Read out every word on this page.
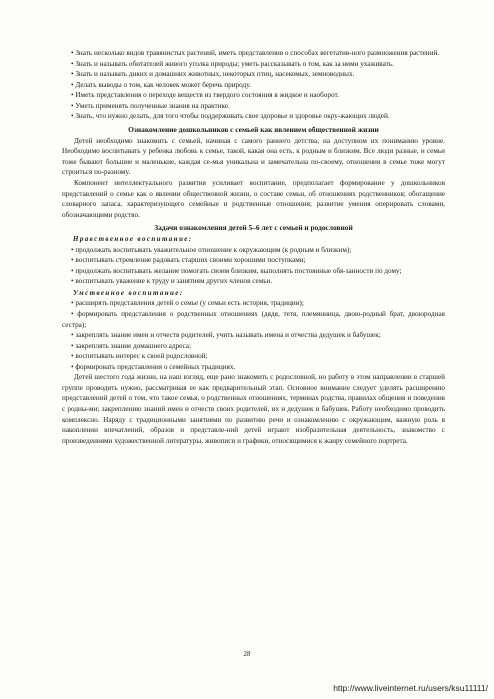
• Знать несколько видов травянистых растений, иметь представления о способах вегетатив-ного размножения растений.

• Знать и называть обитателей живого уголка природы; уметь рассказывать о том, как за ними ухаживать.

• Знать и называть диких и домашних животных, некоторых птиц, насекомых, земноводных.

• Делать выводы о том, как человек может беречь природу.

• Иметь представления о переходе веществ из твердого состояния в жидкое и наоборот.

• Уметь применять полученные знания на практике.

• Знать, что нужно делать, для того чтобы поддерживать свое здоровье и здоровье окру-жающих людей.

Ознакомление дошкольников с семьей как явлением общественной жизни

Детей необходимо знакомить с семьей, начиная с самого раннего детства, на доступном их пониманию уровне. Необходимо воспитывать у ребенка любовь к семье, такой, какая она есть, к родным и близким. Все люди разные, и семьи тоже бывают большие и маленькие, каждая се-мья уникальна и замечательна по-своему, отношения в семье тоже могут строиться по-разному.

Компонент интеллектуального развития усиливает воспитание, предполагает формирование у дошкольников представлений о семье как о явлении общественной жизни, о составе семьи, об отношениях родственников; обогащение словарного запаса, характеризующего семейные и родственные отношения; развитие умения оперировать словами, обозначающими родство.

Задачи ознакомления детей 5–6 лет с семьей и родословной

Нравственное воспитание:

• продолжать воспитывать уважительное отношение к окружающим (к родным и близким);

• воспитывать стремление радовать старших своими хорошими поступками;

• продолжать воспитывать желание помогать своим близким, выполнять постоянные обя-занности по дому;

• воспитывать уважение к труду и занятиям других членов семьи.

Умственное воспитание:

• расширять представления детей о семье (у семьи есть история, традиции);

• формировать представления о родственных отношениях (дядя, тетя, племянница, двою-родный брат, двоюродная сестра);

• закреплять знание имен и отчеств родителей, учить называть имена и отчества дедушек и бабушек;

• закреплять знание домашнего адреса;

• воспитывать интерес к своей родословной;

• формировать представления о семейных традициях.

Детей шестого года жизни, на наш взгляд, еще рано знакомить с родословной, но работу в этом направлении в старшей группе проводить нужно, рассматривая ее как предварительный этап. Основное внимание следует уделять расширению представлений детей о том, что такое семья, о родственных отношениях, терминах родства, правилах общения и поведения с родны-ми; закреплению знаний имен и отчеств своих родителей, их и дедушек и бабушек. Работу необходимо проводить комплексно. Наряду с традиционными занятиями по развитию речи и ознакомлению с окружающим, важную роль в накоплении впечатлений, образов и представле-ний детей играют изобразительная деятельность, знакомство с произведениями художественной литературы, живописи и графики, относящимися к жанру семейного портрета.

28
http://www.liveinternet.ru/users/ksu11111/
